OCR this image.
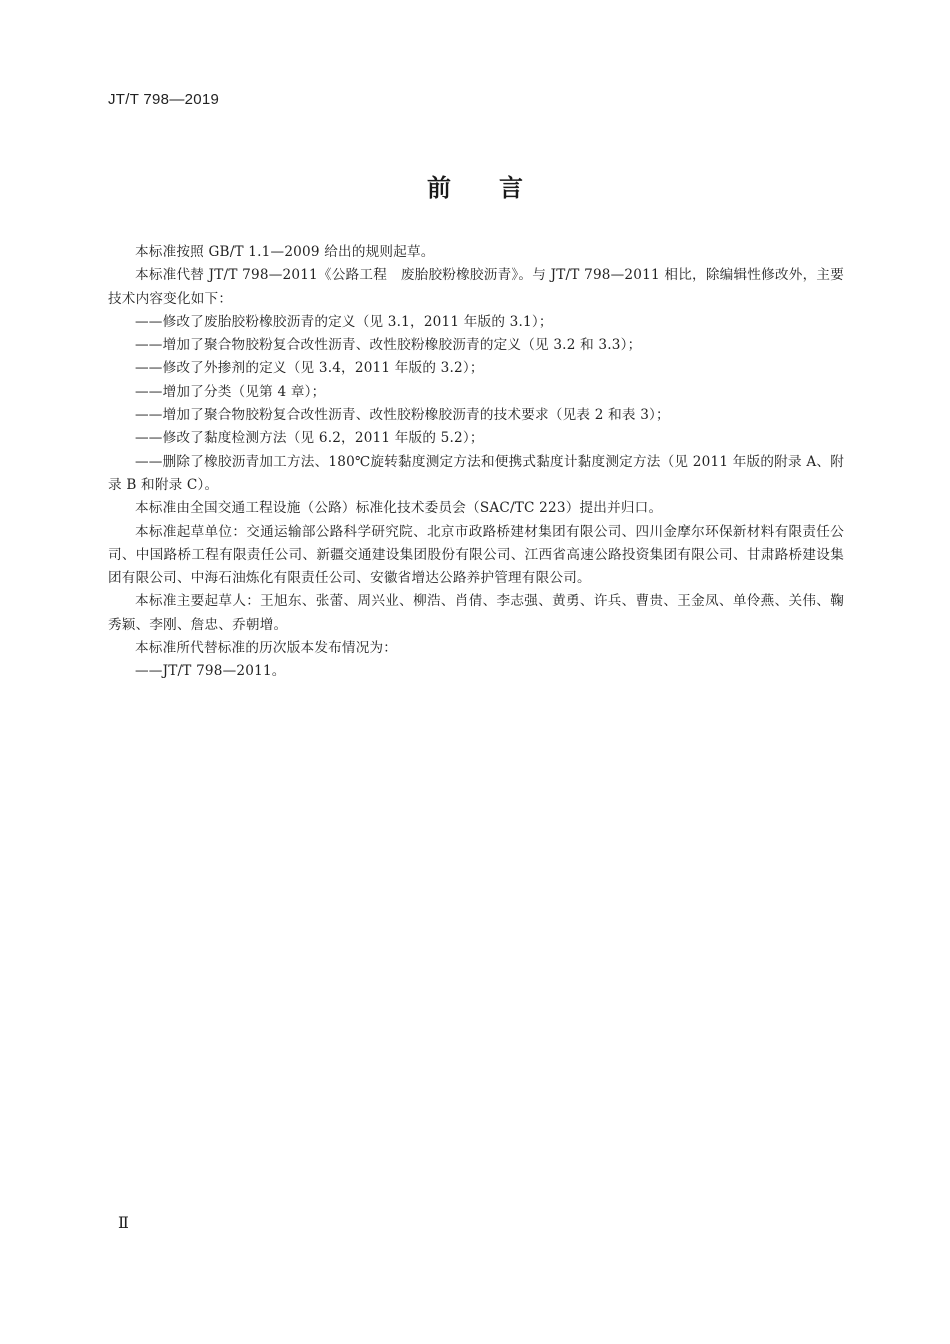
JT/T 798—2019
前言

本标准按照 GB/T 1.1—2009 给出的规则起草。

本标准代替 JT/T 798—2011《公路工程　废胎胶粉橡胶沥青》。与 JT/T 798—2011 相比，除编辑性修改外，主要技术内容变化如下：

——修改了废胎胶粉橡胶沥青的定义（见 3.1，2011 年版的 3.1）；

——增加了聚合物胶粉复合改性沥青、改性胶粉橡胶沥青的定义（见 3.2 和 3.3）；

——修改了外掺剂的定义（见 3.4，2011 年版的 3.2）；

——增加了分类（见第 4 章）；

——增加了聚合物胶粉复合改性沥青、改性胶粉橡胶沥青的技术要求（见表 2 和表 3）；

——修改了黏度检测方法（见 6.2，2011 年版的 5.2）；

——删除了橡胶沥青加工方法、180℃旋转黏度测定方法和便携式黏度计黏度测定方法（见 2011 年版的附录 A、附录 B 和附录 C）。

本标准由全国交通工程设施（公路）标准化技术委员会（SAC/TC 223）提出并归口。

本标准起草单位：交通运输部公路科学研究院、北京市政路桥建材集团有限公司、四川金摩尔环保新材料有限责任公司、中国路桥工程有限责任公司、新疆交通建设集团股份有限公司、江西省高速公路投资集团有限公司、甘肃路桥建设集团有限公司、中海石油炼化有限责任公司、安徽省增达公路养护管理有限公司。

本标准主要起草人：王旭东、张蕾、周兴业、柳浩、肖倩、李志强、黄勇、许兵、曹贵、王金凤、单伶燕、关伟、鞠秀颖、李刚、詹忠、乔朝增。

本标准所代替标准的历次版本发布情况为：

——JT/T 798—2011。

Ⅱ
